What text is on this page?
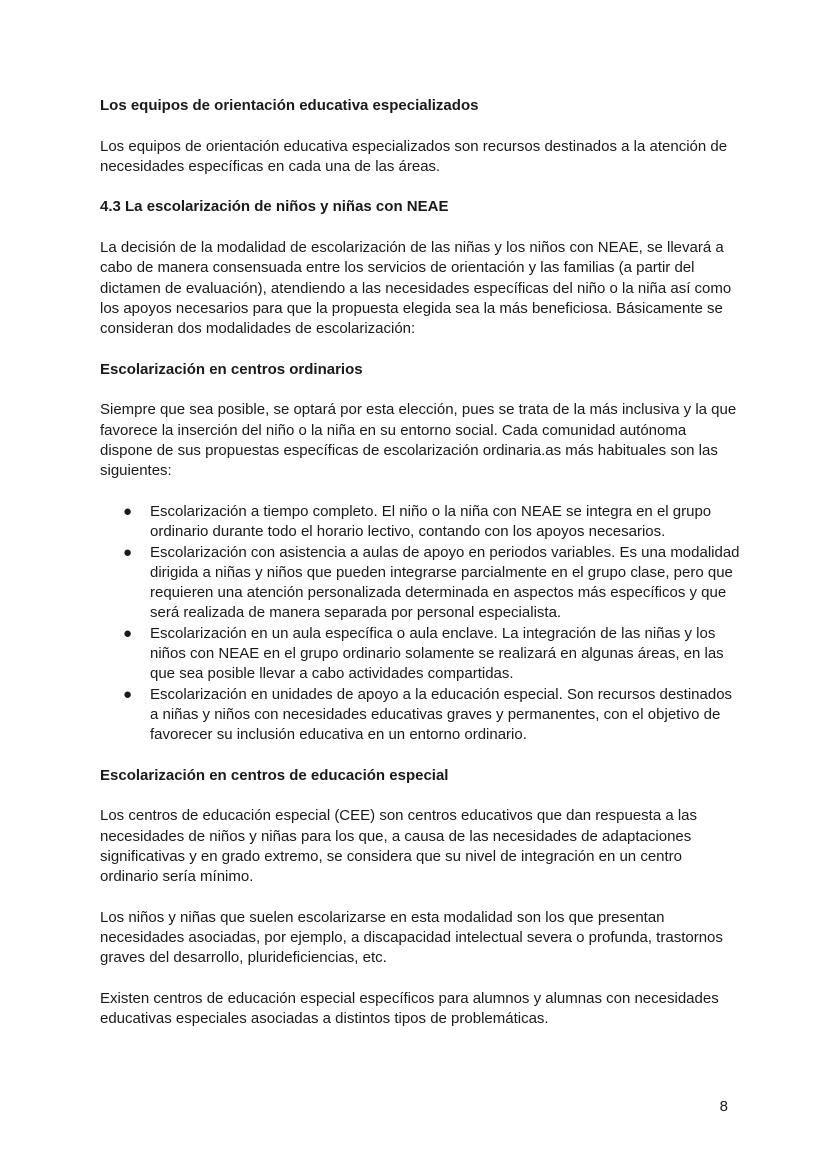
Los equipos de orientación educativa especializados

Los equipos de orientación educativa especializados son recursos destinados a la atención de necesidades específicas en cada una de las áreas.

4.3 La escolarización de niños y niñas con NEAE

La decisión de la modalidad de escolarización de las niñas y los niños con NEAE, se llevará a cabo de manera consensuada entre los servicios de orientación y las familias (a partir del dictamen de evaluación), atendiendo a las necesidades específicas del niño o la niña así como los apoyos necesarios para que la propuesta elegida sea la más beneficiosa. Básicamente se consideran dos modalidades de escolarización:

Escolarización en centros ordinarios

Siempre que sea posible, se optará por esta elección, pues se trata de la más inclusiva y la que favorece la inserción del niño o la niña en su entorno social. Cada comunidad autónoma dispone de sus propuestas específicas de escolarización ordinaria.as más habituales son las siguientes:

● Escolarización a tiempo completo. El niño o la niña con NEAE se integra en el grupo ordinario durante todo el horario lectivo, contando con los apoyos necesarios.
● Escolarización con asistencia a aulas de apoyo en periodos variables. Es una modalidad dirigida a niñas y niños que pueden integrarse parcialmente en el grupo clase, pero que requieren una atención personalizada determinada en aspectos más específicos y que será realizada de manera separada por personal especialista.
● Escolarización en un aula específica o aula enclave. La integración de las niñas y los niños con NEAE en el grupo ordinario solamente se realizará en algunas áreas, en las que sea posible llevar a cabo actividades compartidas.
● Escolarización en unidades de apoyo a la educación especial. Son recursos destinados a niñas y niños con necesidades educativas graves y permanentes, con el objetivo de favorecer su inclusión educativa en un entorno ordinario.

Escolarización en centros de educación especial

Los centros de educación especial (CEE) son centros educativos que dan respuesta a las necesidades de niños y niñas para los que, a causa de las necesidades de adaptaciones significativas y en grado extremo, se considera que su nivel de integración en un centro ordinario sería mínimo.

Los niños y niñas que suelen escolarizarse en esta modalidad son los que presentan necesidades asociadas, por ejemplo, a discapacidad intelectual severa o profunda, trastornos graves del desarrollo, plurideficiencias, etc.

Existen centros de educación especial específicos para alumnos y alumnas con necesidades educativas especiales asociadas a distintos tipos de problemáticas.

8
